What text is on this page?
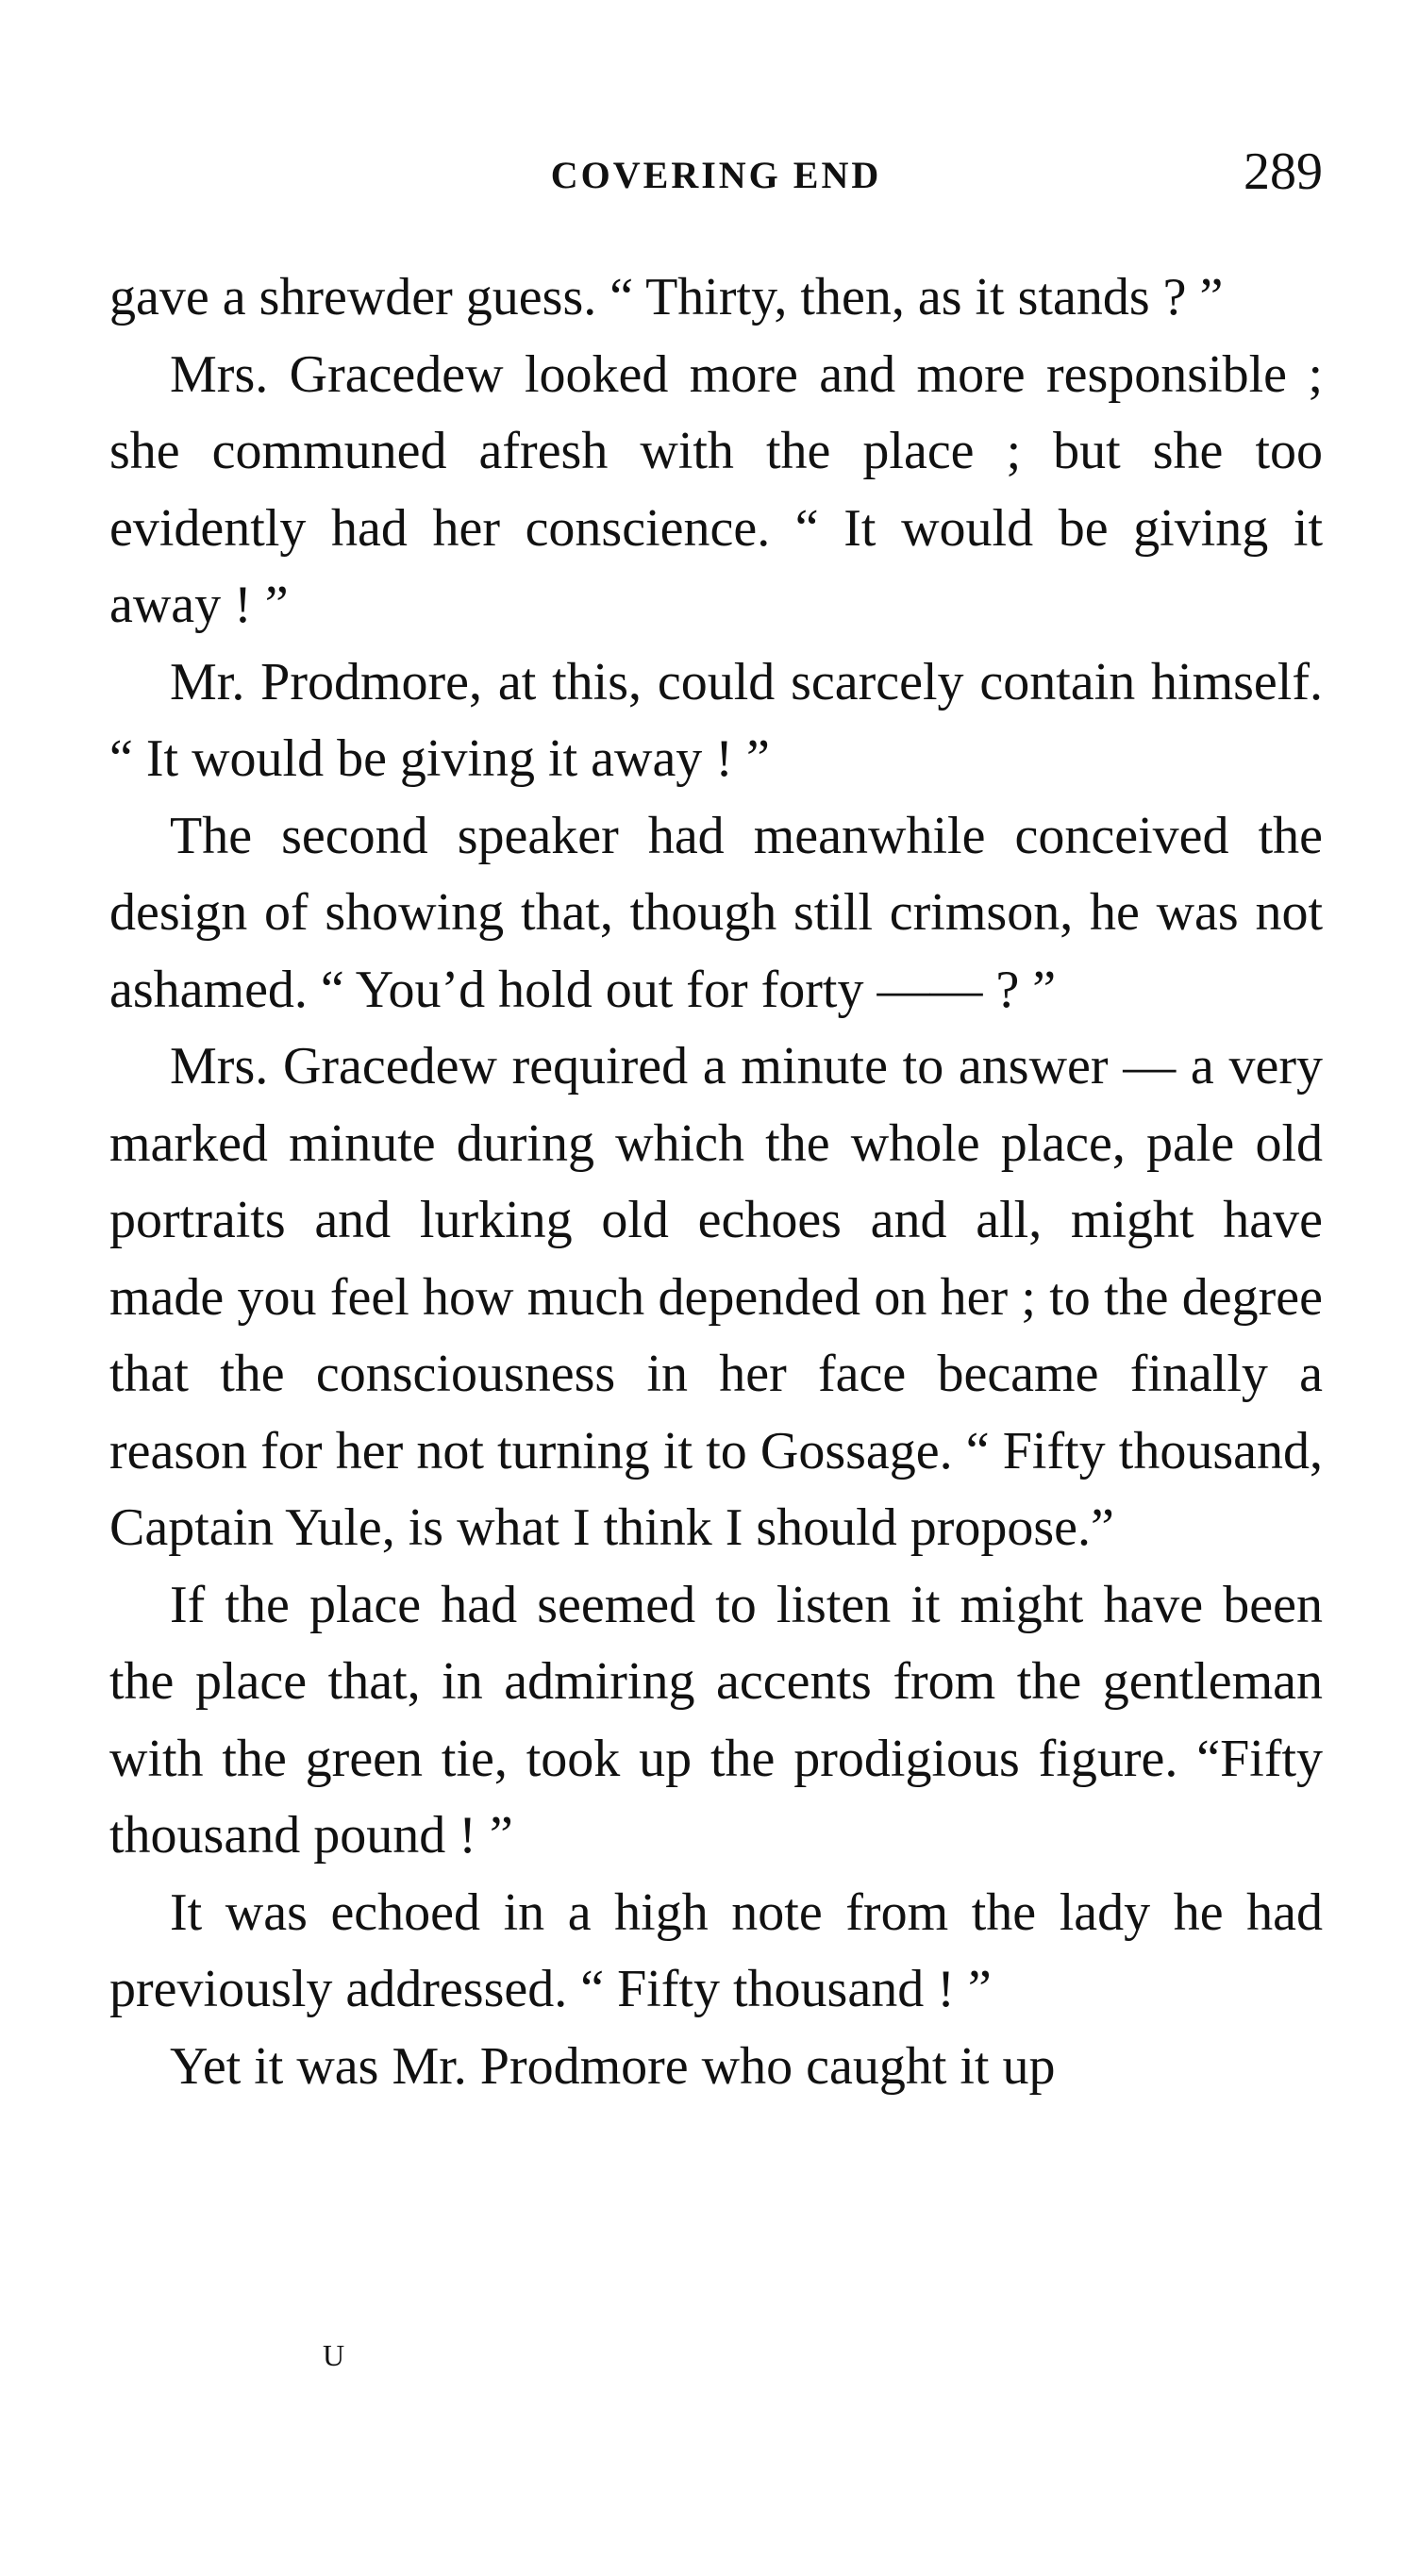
COVERING END	289

gave a shrewder guess. “ Thirty, then, as it stands ? ”

Mrs. Gracedew looked more and more responsible ; she communed afresh with the place ; but she too evidently had her conscience. “ It would be giving it away ! ”

Mr. Prodmore, at this, could scarcely contain himself. “ It would be giving it away ! ”

The second speaker had meanwhile conceived the design of showing that, though still crimson, he was not ashamed. “ You’d hold out for forty —— ? ”

Mrs. Gracedew required a minute to answer — a very marked minute during which the whole place, pale old portraits and lurking old echoes and all, might have made you feel how much depended on her ; to the degree that the consciousness in her face became finally a reason for her not turning it to Gossage. “ Fifty thousand, Captain Yule, is what I think I should propose.”

If the place had seemed to listen it might have been the place that, in admiring accents from the gentleman with the green tie, took up the prodigious figure. “Fifty thousand pound ! ”

It was echoed in a high note from the lady he had previously addressed. “ Fifty thousand ! ”

Yet it was Mr. Prodmore who caught it up

U
